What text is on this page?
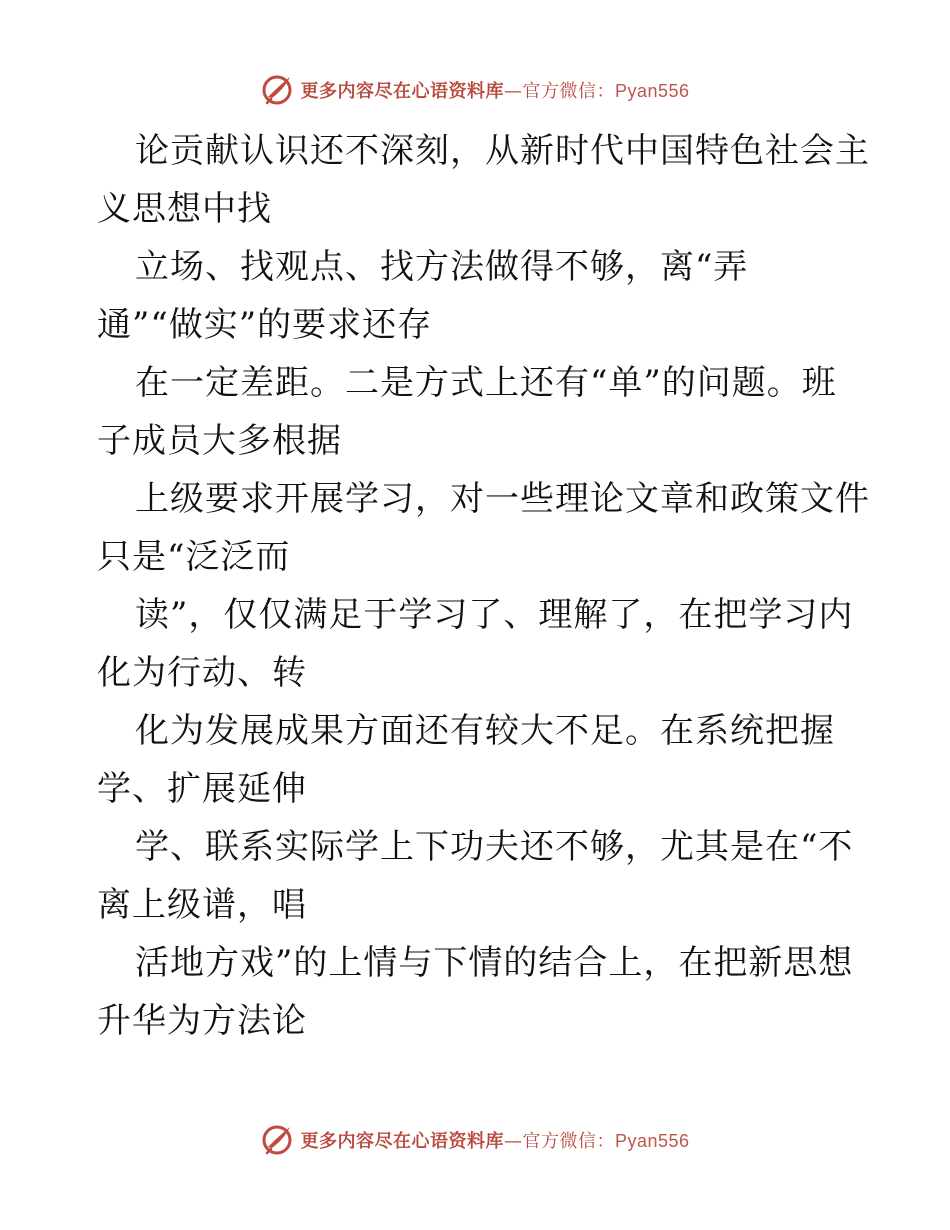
更多内容尽在心语资料库—官方微信：Pyan556
论贡献认识还不深刻，从新时代中国特色社会主
义思想中找
立场、找观点、找方法做得不够，离“弄
通”“做实”的要求还存
在一定差距。二是方式上还有“单”的问题。班
子成员大多根据
上级要求开展学习，对一些理论文章和政策文件
只是“泛泛而
读”，仅仅满足于学习了、理解了，在把学习内
化为行动、转
化为发展成果方面还有较大不足。在系统把握
学、扩展延伸
学、联系实际学上下功夫还不够，尤其是在“不
离上级谱，唱
活地方戏”的上情与下情的结合上，在把新思想
升华为方法论
更多内容尽在心语资料库—官方微信：Pyan556
